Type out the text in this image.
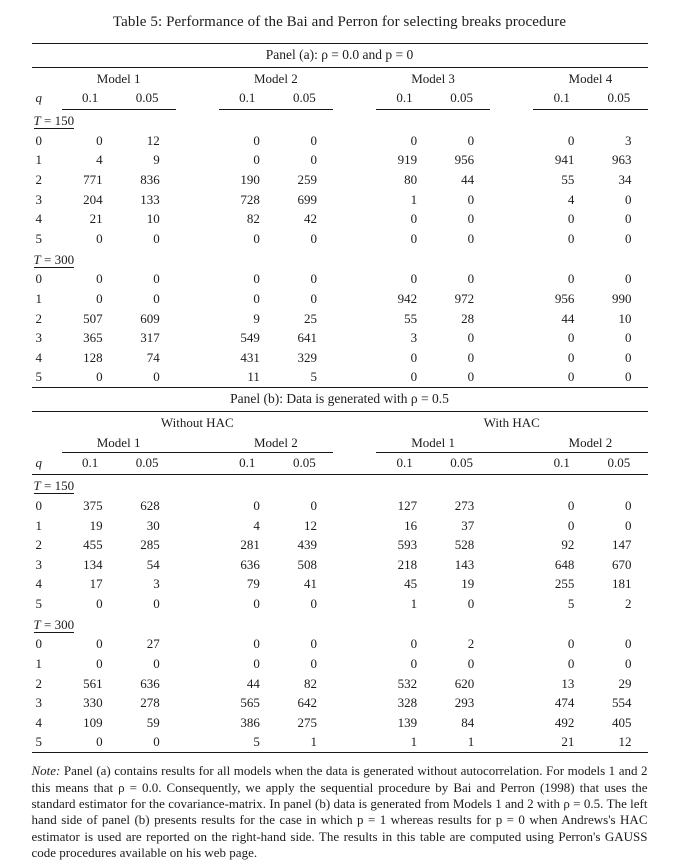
Table 5: Performance of the Bai and Perron for selecting breaks procedure
Panel (a): ρ = 0.0 and p = 0
	Model 1			Model 2			Model 3			Model 4	
q	0.1	0.05		0.1	0.05		0.1	0.05		0.1	0.05
T = 150											
0	0	12		0	0		0	0		0	3
1	4	9		0	0		919	956		941	963
2	771	836		190	259		80	44		55	34
3	204	133		728	699		1	0		4	0
4	21	10		82	42		0	0		0	0
5	0	0		0	0		0	0		0	0
T = 300											
0	0	0		0	0		0	0		0	0
1	0	0		0	0		942	972		956	990
2	507	609		9	25		55	28		44	10
3	365	317		549	641		3	0		0	0
4	128	74		431	329		0	0		0	0
5	0	0		11	5		0	0		0	0
Panel (b): Data is generated with ρ = 0.5
	Without HAC						With HAC				
	Model 1			Model 2			Model 1			Model 2	
q	0.1	0.05		0.1	0.05		0.1	0.05		0.1	0.05
T = 150											
0	375	628		0	0		127	273		0	0
1	19	30		4	12		16	37		0	0
2	455	285		281	439		593	528		92	147
3	134	54		636	508		218	143		648	670
4	17	3		79	41		45	19		255	181
5	0	0		0	0		1	0		5	2
T = 300											
0	0	27		0	0		0	2		0	0
1	0	0		0	0		0	0		0	0
2	561	636		44	82		532	620		13	29
3	330	278		565	642		328	293		474	554
4	109	59		386	275		139	84		492	405
5	0	0		5	1		1	1		21	12
Note: Panel (a) contains results for all models when the data is generated without autocorrelation. For models 1 and 2 this means that ρ = 0.0. Consequently, we apply the sequential procedure by Bai and Perron (1998) that uses the standard estimator for the covariance-matrix. In panel (b) data is generated from Models 1 and 2 with ρ = 0.5. The left hand side of panel (b) presents results for the case in which p = 1 whereas results for p = 0 when Andrews's HAC estimator is used are reported on the right-hand side. The results in this table are computed using Perron's GAUSS code procedures available on his web page.
